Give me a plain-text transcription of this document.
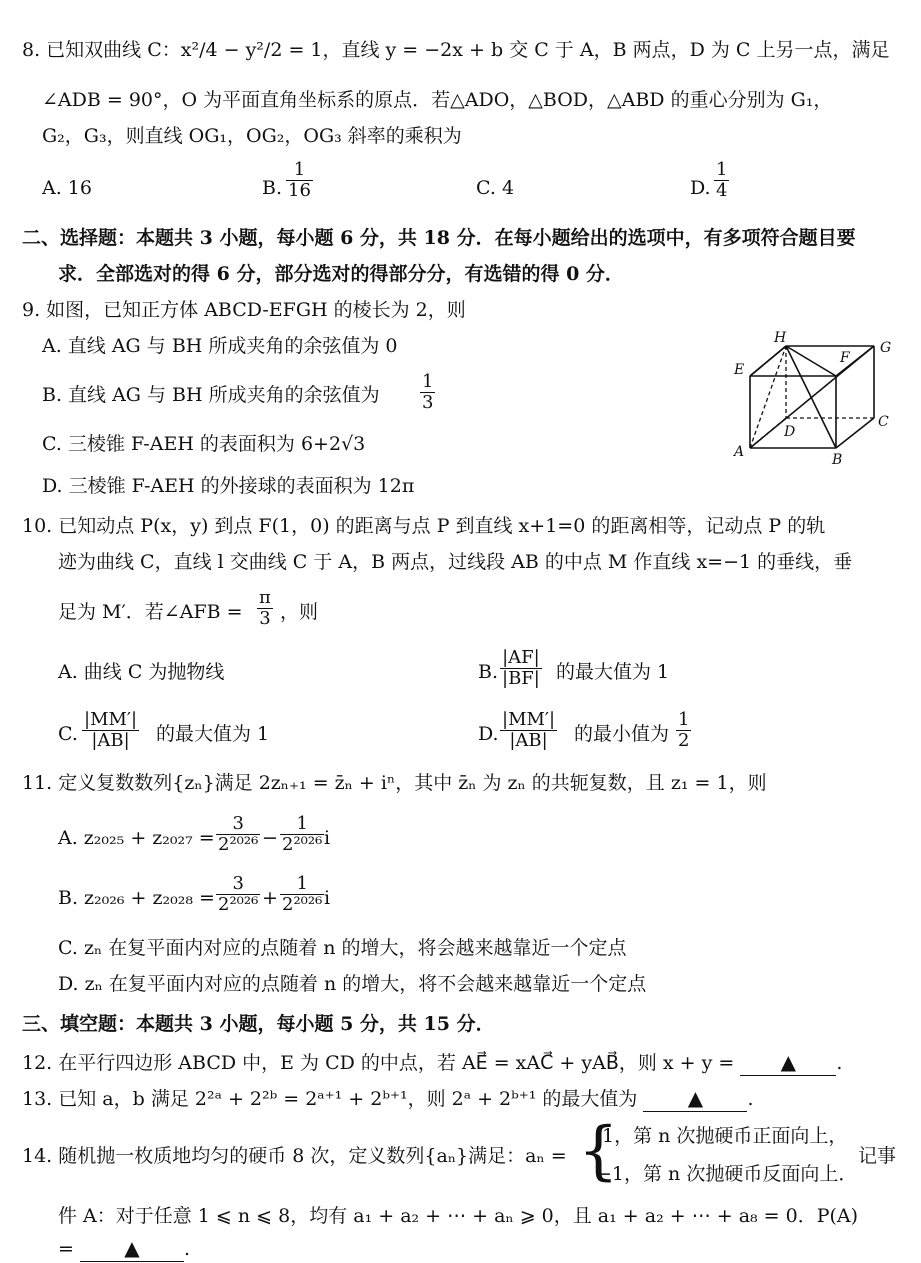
8. 已知双曲线 C：x²/4 − y²/2 = 1，直线 y = −2x + b 交 C 于 A，B 两点，D 为 C 上另一点，满足
∠ADB = 90°，O 为平面直角坐标系的原点．若△ADO，△BOD，△ABD 的重心分别为 G₁，
G₂，G₃，则直线 OG₁，OG₂，OG₃ 斜率的乘积为
A. 16	B. $\frac{1}{16}$	C. 4	D. $\frac{1}{4}$
二、选择题：本题共 3 小题，每小题 6 分，共 18 分．在每小题给出的选项中，有多项符合题目要
求．全部选对的得 6 分，部分选对的得部分分，有选错的得 0 分．
9. 如图，已知正方体 ABCD-EFGH 的棱长为 2，则
A. 直线 AG 与 BH 所成夹角的余弦值为 0
B. 直线 AG 与 BH 所成夹角的余弦值为 $\frac{1}{3}$
C. 三棱锥 F-AEH 的表面积为 6+2√3
D. 三棱锥 F-AEH 的外接球的表面积为 12π
H
F
G
E
D
C
A	B
10. 已知动点 P(x，y) 到点 F(1，0) 的距离与点 P 到直线 x+1=0 的距离相等，记动点 P 的轨
迹为曲线 C，直线 l 交曲线 C 于 A，B 两点，过线段 AB 的中点 M 作直线 x=−1 的垂线，垂
足为 M′．若∠AFB = $\frac{\pi}{3}$ ，则
A. 曲线 C 为抛物线	B. $\frac{|AF|}{|BF|}$ 的最大值为 1
C. $\frac{|MM'|}{|AB|}$ 的最大值为 1	D. $\frac{|MM'|}{|AB|}$ 的最小值为 $\frac{1}{2}$
11. 定义复数数列{zₙ}满足 2zₙ₊₁ = z̄ₙ + iⁿ，其中 z̄ₙ 为 zₙ 的共轭复数，且 z₁ = 1，则
A. $z_{2025} + z_{2027} = \frac{3}{\text{2²⁰²⁶}} - \frac{1}{\text{2²⁰²⁶}}$ i
B. $z_{2026} + z_{2028} = \frac{3}{\text{2²⁰²⁶}} + \frac{1}{\text{2²⁰²⁶}}$ i
C. zₙ 在复平面内对应的点随着 n 的增大，将会越来越靠近一个定点
D. zₙ 在复平面内对应的点随着 n 的增大，将不会越来越靠近一个定点
三、填空题：本题共 3 小题，每小题 5 分，共 15 分．
12. 在平行四边形 ABCD 中，E 为 CD 的中点，若 AE⃗ = xAC⃗ + yAB⃗，则 x + y = ▲ .
13. 已知 a，b 满足 2²ᵃ + 2²ᵇ = 2ᵃ⁺¹ + 2ᵇ⁺¹，则 2ᵃ + 2ᵇ⁺¹ 的最大值为	▲ .
14. 随机抛一枚质地均匀的硬币 8 次，定义数列{aₙ}满足：aₙ = {
1，第 n 次抛硬币正面向上，
−1，第 n 次抛硬币反面向上．
记事
件 A：对于任意 1 ⩽ n ⩽ 8，均有 a₁ + a₂ + ⋯ + aₙ ⩾ 0，且 a₁ + a₂ + ⋯ + a₈ = 0．P(A)
=	▲ .
